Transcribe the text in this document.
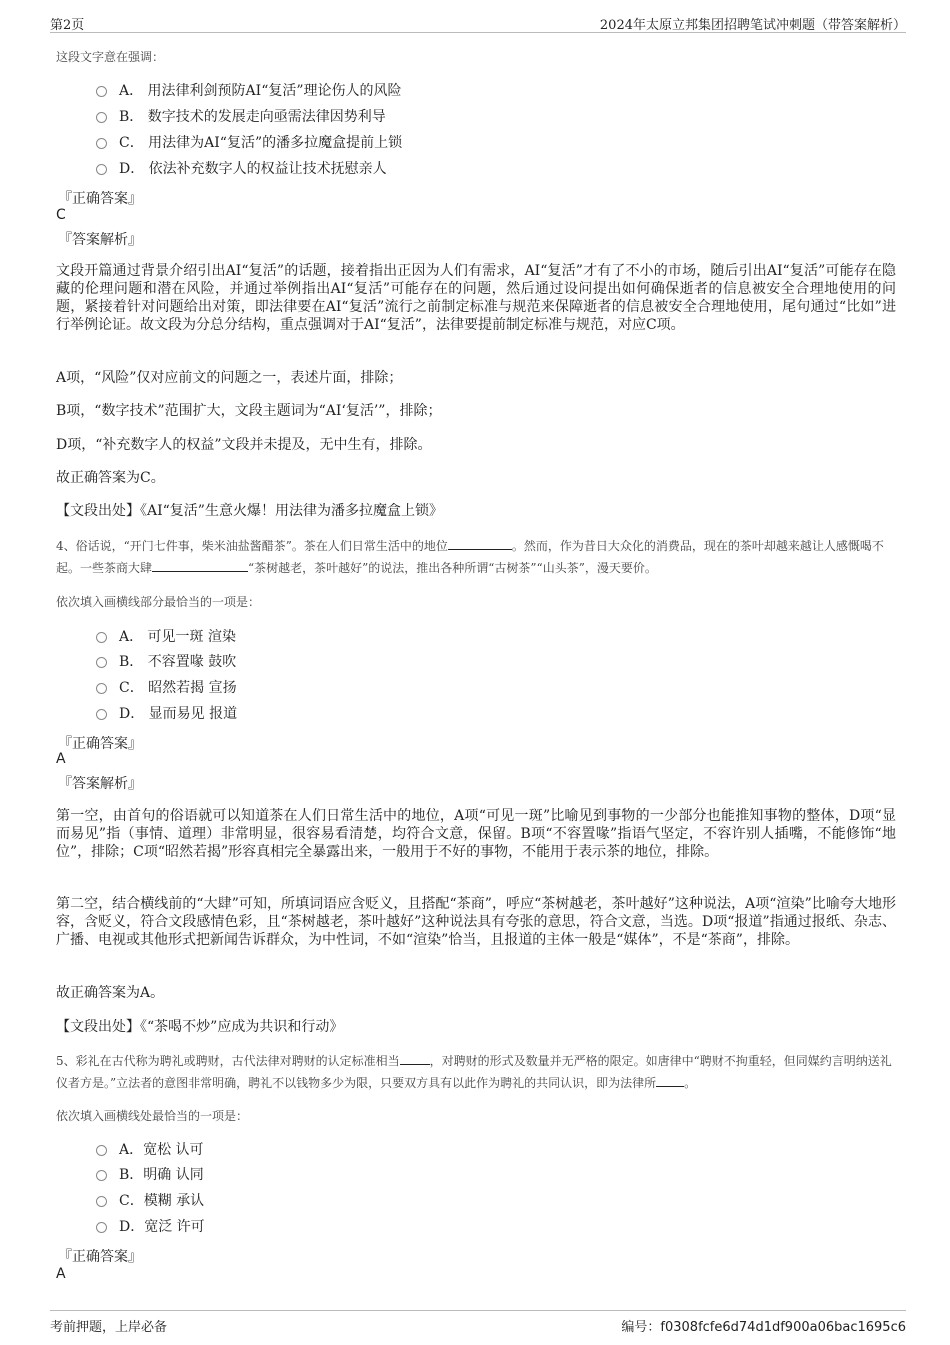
第2页	2024年太原立邦集团招聘笔试冲刺题（带答案解析）
这段文字意在强调：
A． 用法律利剑预防AI“复活”理论伤人的风险
B． 数字技术的发展走向亟需法律因势利导
C． 用法律为AI“复活”的潘多拉魔盒提前上锁
D． 依法补充数字人的权益让技术抚慰亲人
『正确答案』
C
『答案解析』
文段开篇通过背景介绍引出AI“复活”的话题，接着指出正因为人们有需求，AI“复活”才有了不小的市场，随后引出AI“复活”可能存在隐藏的伦理问题和潜在风险，并通过举例指出AI“复活”可能存在的问题，然后通过设问提出如何确保逝者的信息被安全合理地使用的问题，紧接着针对问题给出对策，即法律要在AI“复活”流行之前制定标准与规范来保障逝者的信息被安全合理地使用，尾句通过“比如”进行举例论证。故文段为分总分结构，重点强调对于AI“复活”，法律要提前制定标准与规范，对应C项。
A项，“风险”仅对应前文的问题之一，表述片面，排除；
B项，“数字技术”范围扩大，文段主题词为“AI‘复活’”，排除；
D项，“补充数字人的权益”文段并未提及，无中生有，排除。
故正确答案为C。
【文段出处】《AI“复活”生意火爆！用法律为潘多拉魔盒上锁》
4、俗话说，“开门七件事，柴米油盐酱醋茶”。茶在人们日常生活中的地位	。然而，作为昔日大众化的消费品，现在的茶叶却越来越让人感慨喝不起。一些茶商大肆	“茶树越老，茶叶越好”的说法，推出各种所谓“古树茶”“山头茶”，漫天要价。
依次填入画横线部分最恰当的一项是：
A． 可见一斑 渲染
B． 不容置喙 鼓吹
C． 昭然若揭 宣扬
D． 显而易见 报道
『正确答案』
A
『答案解析』
第一空，由首句的俗语就可以知道茶在人们日常生活中的地位，A项“可见一斑”比喻见到事物的一少部分也能推知事物的整体，D项“显而易见”指（事情、道理）非常明显，很容易看清楚，均符合文意，保留。B项“不容置喙”指语气坚定，不容许别人插嘴，不能修饰“地位”，排除；C项“昭然若揭”形容真相完全暴露出来，一般用于不好的事物，不能用于表示茶的地位，排除。
第二空，结合横线前的“大肆”可知，所填词语应含贬义，且搭配“茶商”，呼应“茶树越老，茶叶越好”这种说法，A项“渲染”比喻夸大地形容，含贬义，符合文段感情色彩，且“茶树越老，茶叶越好”这种说法具有夸张的意思，符合文意，当选。D项“报道”指通过报纸、杂志、广播、电视或其他形式把新闻告诉群众，为中性词，不如“渲染”恰当，且报道的主体一般是“媒体”，不是“茶商”，排除。
故正确答案为A。
【文段出处】《“茶喝不炒”应成为共识和行动》
5、彩礼在古代称为聘礼或聘财，古代法律对聘财的认定标准相当	，对聘财的形式及数量并无严格的限定。如唐律中“聘财不拘重轻，但同媒约言明纳送礼仪者方是。”立法者的意图非常明确，聘礼不以钱物多少为限，只要双方具有以此作为聘礼的共同认识，即为法律所 。
依次填入画横线处最恰当的一项是：
A．宽松 认可
B．明确 认同
C．模糊 承认
D．宽泛 许可
『正确答案』
A
考前押题，上岸必备	编号：f0308fcfe6d74d1df900a06bac1695c6
